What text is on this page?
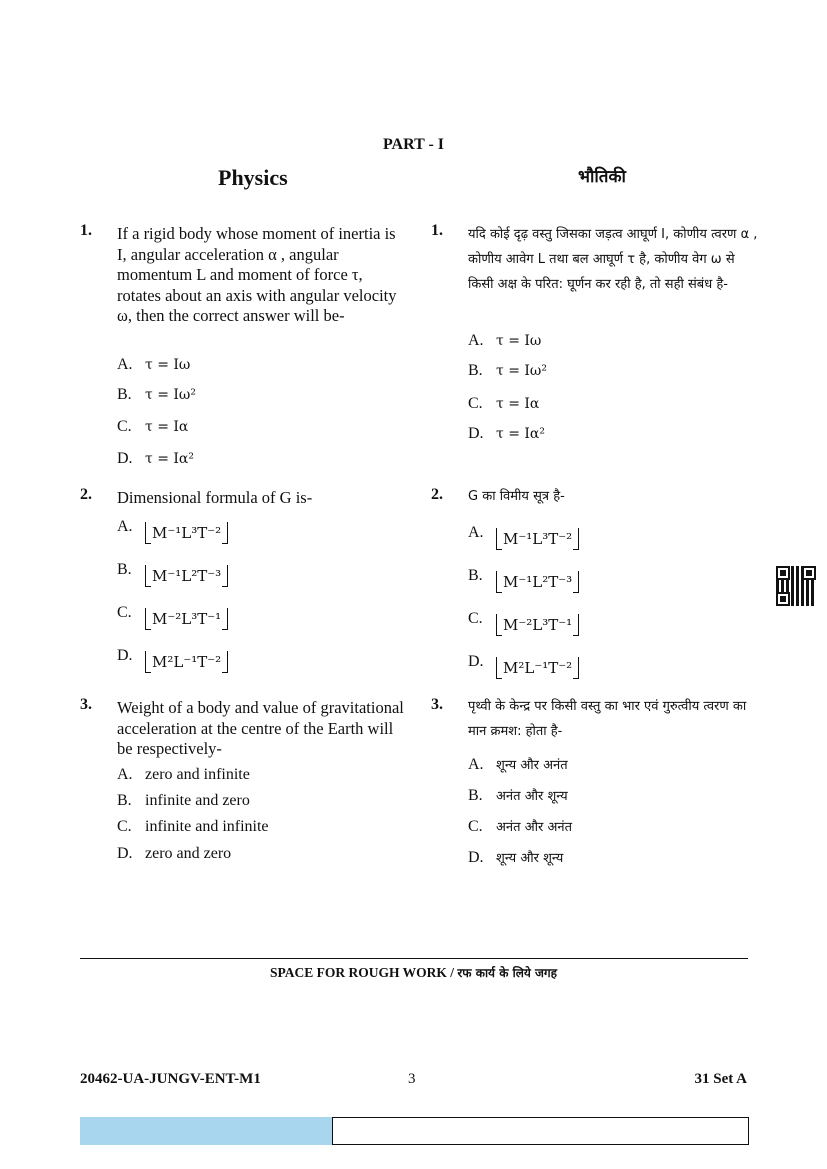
PART - I
Physics	भौतिकी
1. If a rigid body whose moment of inertia is I, angular acceleration α , angular momentum L and moment of force τ, rotates about an axis with angular velocity ω, then the correct answer will be-
A. τ = Iω
B. τ = Iω²
C. τ = Iα
D. τ = Iα²
2. Dimensional formula of G is-
A. M⁻¹L³T⁻²
B. M⁻¹L²T⁻³
C. M⁻²L³T⁻¹
D. M²L⁻¹T⁻²
3. Weight of a body and value of gravitational acceleration at the centre of the Earth will be respectively-
A. zero and infinite
B. infinite and zero
C. infinite and infinite
D. zero and zero
1. यदि कोई दृढ़ वस्तु जिसका जड़त्व आघूर्ण I, कोणीय त्वरण α , कोणीय आवेग L तथा बल आघूर्ण τ है, कोणीय वेग ω से किसी अक्ष के परित: घूर्णन कर रही है, तो सही संबंध है-
A. τ = Iω
B. τ = Iω²
C. τ = Iα
D. τ = Iα²
2. G का विमीय सूत्र है-
A. M⁻¹L³T⁻²
B. M⁻¹L²T⁻³
C. M⁻²L³T⁻¹
D. M²L⁻¹T⁻²
3. पृथ्वी के केन्द्र पर किसी वस्तु का भार एवं गुरुत्वीय त्वरण का मान क्रमश: होता है-
A. शून्य और अनंत
B. अनंत और शून्य
C. अनंत और अनंत
D. शून्य और शून्य
SPACE FOR ROUGH WORK / रफ कार्य के लिये जगह
20462-UA-JUNGV-ENT-M1	3	31 Set A
